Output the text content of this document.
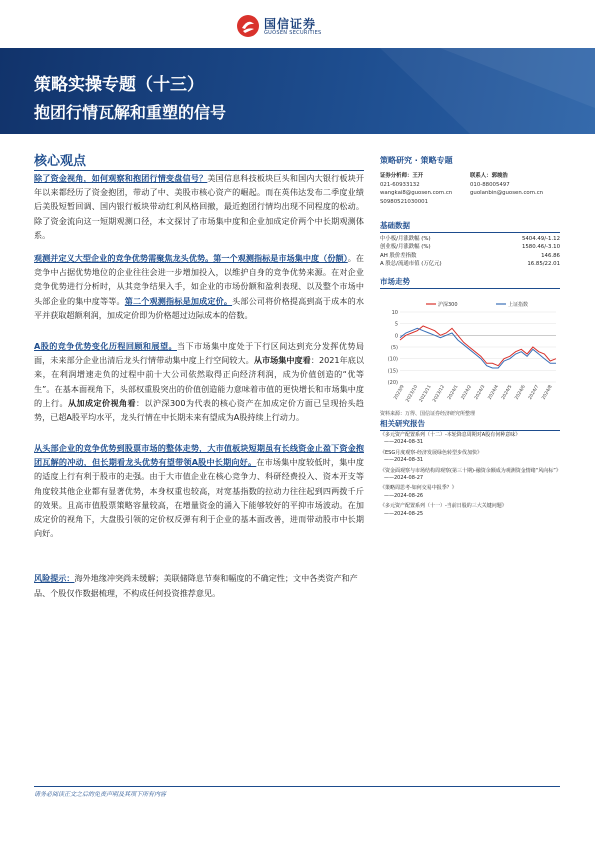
国信证券
GUOSEN SECURITIES
策略实操专题（十三）
抱团行情瓦解和重塑的信号
核心观点
除了资金视角，如何观察和抱团行情变盘信号？美国信息科技板块巨头和国内大银行板块开年以来都经历了资金抱团，带动了中、美股市核心资产的崛起。而在英伟达发布二季度业绩后美股短暂回调、国内银行板块带动红利风格回撤，最近抱团行情均出现不同程度的松动。除了资金流向这一短期观测口径，本文探讨了市场集中度和企业加成定价两个中长期观测体系。
观测并定义大型企业的竞争优势需聚焦龙头优势。第一个观测指标是市场集中度（份额）。在竞争中占据优势地位的企业往往会进一步增加投入，以维护自身的竞争优势来源。在对企业竞争优势进行分析时，从其竞争结果入手，如企业的市场份额和盈利表现、以及整个市场中头部企业的集中度等等。第二个观测指标是加成定价。头部公司将价格提高到高于成本的水平并获取超额利润，加成定价即为价格超过边际成本的倍数。
A股的竞争优势变化历程回顾和展望。当下市场集中度处于下行区间达到充分发挥优势局面，未来部分企业出清后龙头行情带动集中度上行空间较大。从市场集中度看：2021年底以来，在利润增速走负的过程中前十大公司依然取得正向经济利润，成为价值创造的“优等生”。在基本面视角下，头部权重股突出的价值创造能力意味着市值的更快增长和市场集中度的上行。从加成定价视角看：以沪深300为代表的核心资产在加成定价方面已呈现抬头趋势，已超A股平均水平，龙头行情在中长期未来有望成为A股持续上行动力。
从头部企业的竞争优势到股票市场的整体走势，大市值板块短期虽有长线资金止盈下资金抱团瓦解的冲动，但长期看龙头优势有望带领A股中长期向好。在市场集中度较低时，集中度的适度上行有利于股市的走强。由于大市值企业在核心竞争力、科研经费投入、资本开支等角度较其他企业都有显著优势，本身权重也较高，对宽基指数的拉动力往往起到四两拨千斤的效果。且高市值股票策略容量较高，在增量资金的涌入下能够较好的平抑市场波动。在加成定价的视角下，大盘股引领的定价权反弹有利于企业的基本面改善，进而带动股市中长期向好。
风险提示：海外地缘冲突尚未缓解；美联储降息节奏和幅度的不确定性；文中各类资产和产品、个股仅作数据梳理，不构成任何投资推荐意见。
策略研究 · 策略专题
证券分析师：王开
021-60933132
wangkai8@guosen.com.cn
S0980521030001
联系人：郭竣浩
010-88005497
guolanbin@guosen.com.cn
基础数据
中小板/月涨跌幅 (%)	5404.49/-1.12
创业板/月涨跌幅 (%)	1580.46/-3.10
AH 股价差指数	146.86
A 股总/流通市值 (万亿元)	16.85/22.01
市场走势
10
5
0
(5)
(10)
(15)
(20)
2023/9 2023/10 2023/11 2023/12 2024/1 2024/2 2024/3 2024/4 2024/5 2024/6 2024/7 2024/8
沪深300	上证指数
资料来源：万得、国信证券经济研究所整理
相关研究报告
《多元资产配置系列（十二）-本轮降息周期对A股有何种意味》
——2024-08-31
《ESG月度观察-经济发展绿色转型步伐加快》
——2024-08-31
《资金面观察与市场结构周观察(第三十期)-融资余额成为观测资金情绪“风向标”》
——2024-08-27
《策略周思考-如何交易中报季？》
——2024-08-26
《多元资产配置系列（十一）-当前日股的三大关键问题》
——2024-08-25
请务必阅读正文之后的免责声明及其项下所有内容
